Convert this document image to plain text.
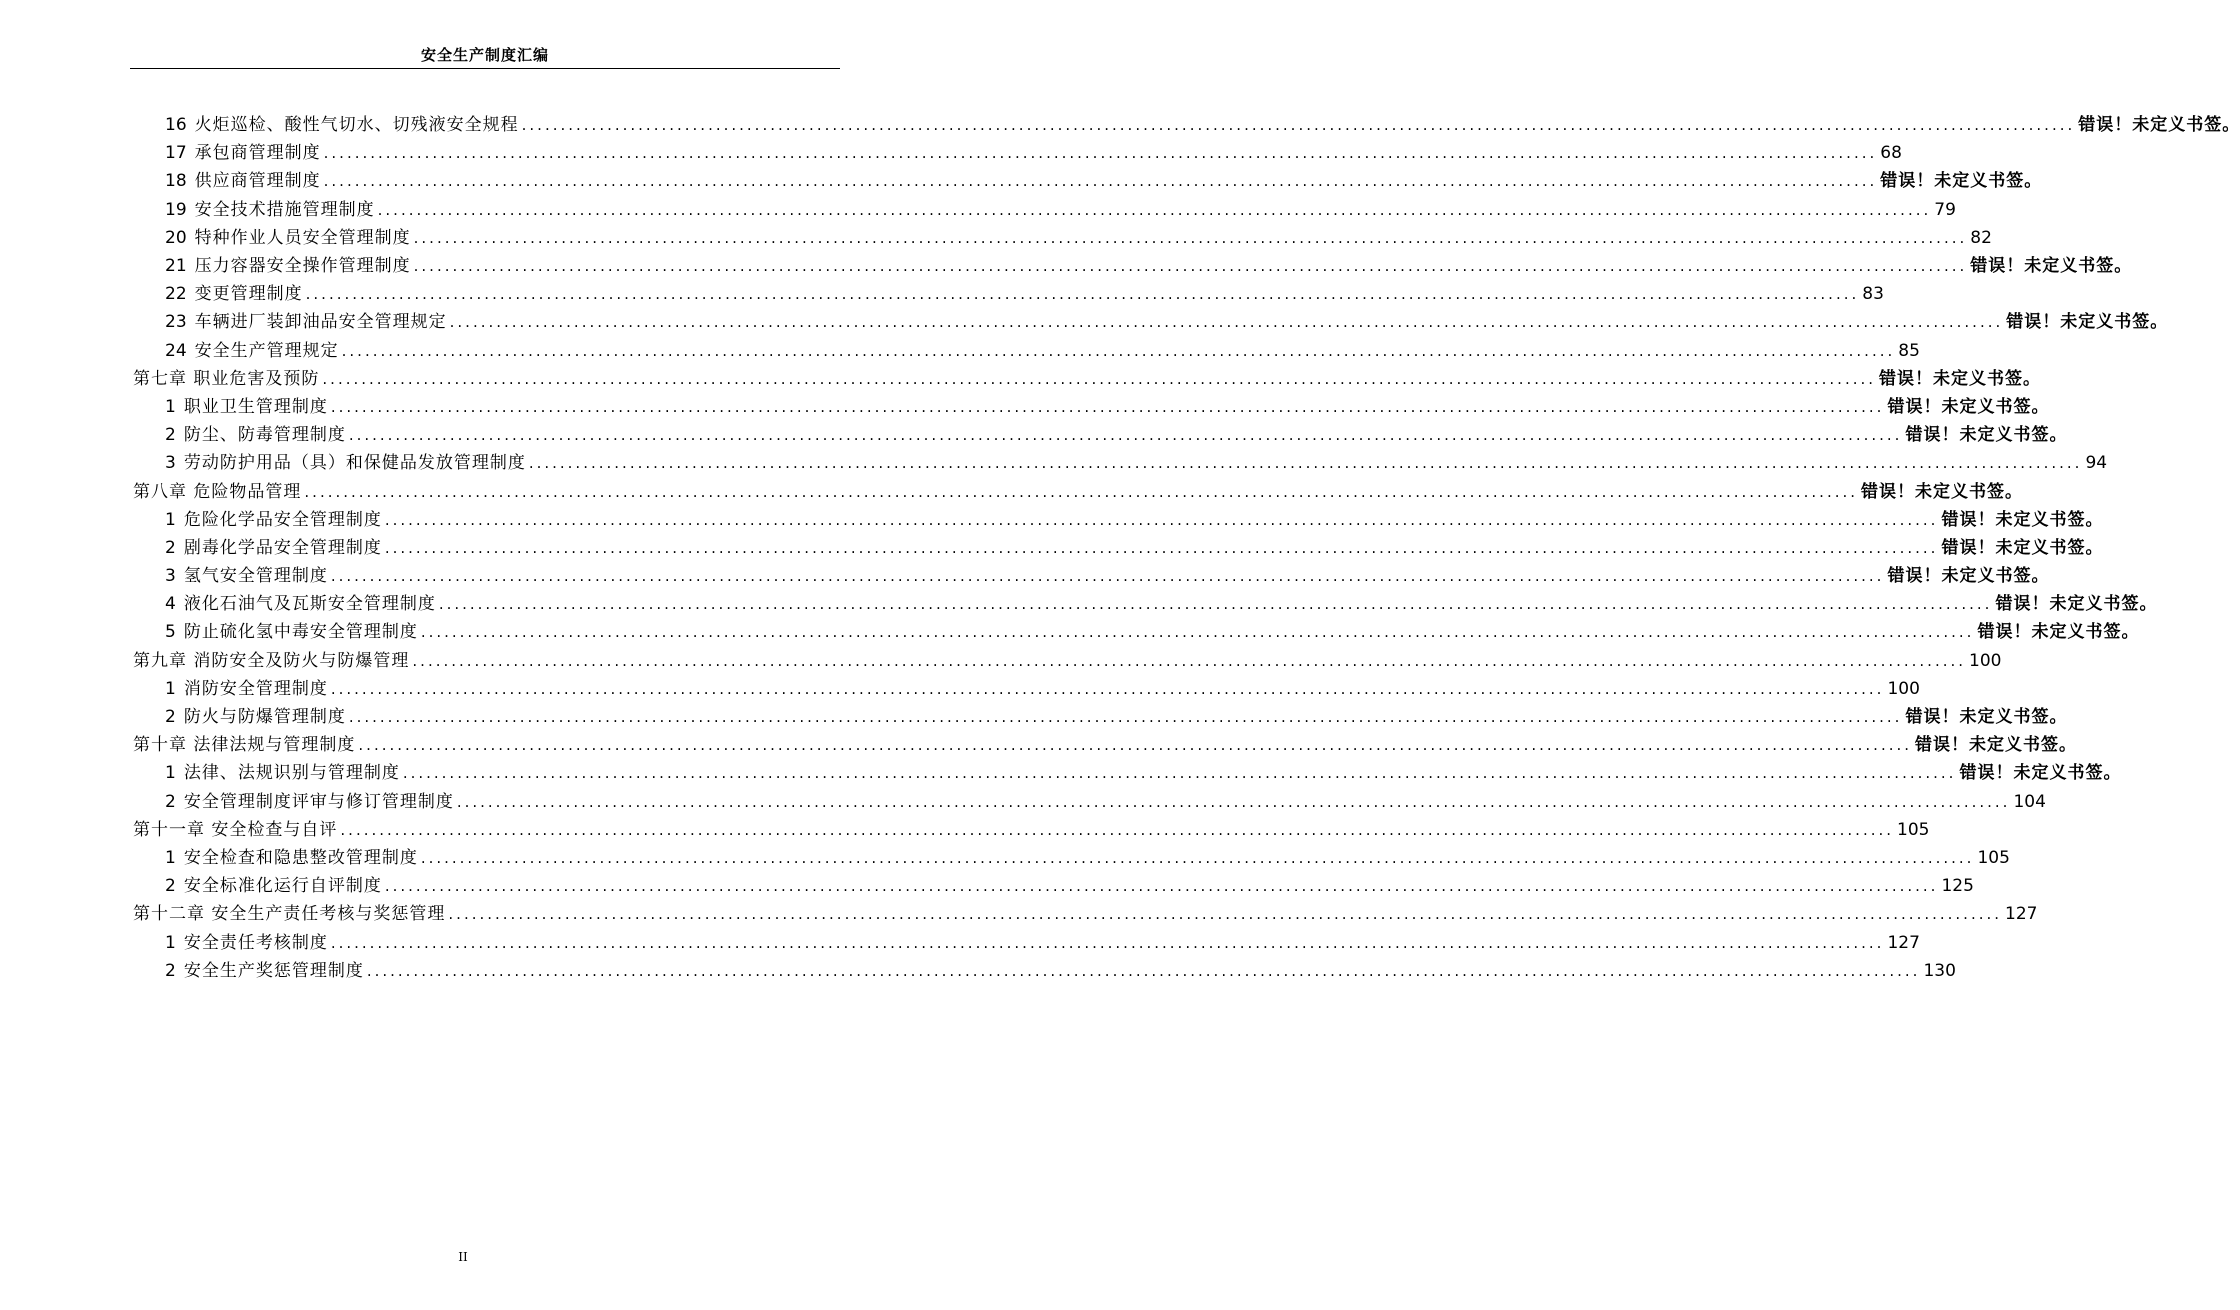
安全生产制度汇编
16 火炬巡检、酸性气切水、切残液安全规程 ........................................................................................................................................................................................................ 错误！未定义书签。
17 承包商管理制度 ........................................................................................................................................................................................................ 68
18 供应商管理制度 ........................................................................................................................................................................................................ 错误！未定义书签。
19 安全技术措施管理制度 ........................................................................................................................................................................................................ 79
20 特种作业人员安全管理制度 ........................................................................................................................................................................................................ 82
21 压力容器安全操作管理制度 ........................................................................................................................................................................................................ 错误！未定义书签。
22 变更管理制度 ........................................................................................................................................................................................................ 83
23 车辆进厂装卸油品安全管理规定 ........................................................................................................................................................................................................ 错误！未定义书签。
24 安全生产管理规定 ........................................................................................................................................................................................................ 85
第七章 职业危害及预防 ........................................................................................................................................................................................................ 错误！未定义书签。
1 职业卫生管理制度 ........................................................................................................................................................................................................ 错误！未定义书签。
2 防尘、防毒管理制度 ........................................................................................................................................................................................................ 错误！未定义书签。
3 劳动防护用品（具）和保健品发放管理制度 ........................................................................................................................................................................................................ 94
第八章 危险物品管理 ........................................................................................................................................................................................................ 错误！未定义书签。
1 危险化学品安全管理制度 ........................................................................................................................................................................................................ 错误！未定义书签。
2 剧毒化学品安全管理制度 ........................................................................................................................................................................................................ 错误！未定义书签。
3 氢气安全管理制度 ........................................................................................................................................................................................................ 错误！未定义书签。
4 液化石油气及瓦斯安全管理制度 ........................................................................................................................................................................................................ 错误！未定义书签。
5 防止硫化氢中毒安全管理制度 ........................................................................................................................................................................................................ 错误！未定义书签。
第九章 消防安全及防火与防爆管理 ........................................................................................................................................................................................................ 100
1 消防安全管理制度 ........................................................................................................................................................................................................ 100
2 防火与防爆管理制度 ........................................................................................................................................................................................................ 错误！未定义书签。
第十章 法律法规与管理制度 ........................................................................................................................................................................................................ 错误！未定义书签。
1 法律、法规识别与管理制度 ........................................................................................................................................................................................................ 错误！未定义书签。
2 安全管理制度评审与修订管理制度 ........................................................................................................................................................................................................ 104
第十一章 安全检查与自评 ........................................................................................................................................................................................................ 105
1 安全检查和隐患整改管理制度 ........................................................................................................................................................................................................ 105
2 安全标准化运行自评制度 ........................................................................................................................................................................................................ 125
第十二章 安全生产责任考核与奖惩管理 ........................................................................................................................................................................................................ 127
1 安全责任考核制度 ........................................................................................................................................................................................................ 127
2 安全生产奖惩管理制度 ........................................................................................................................................................................................................ 130
II
